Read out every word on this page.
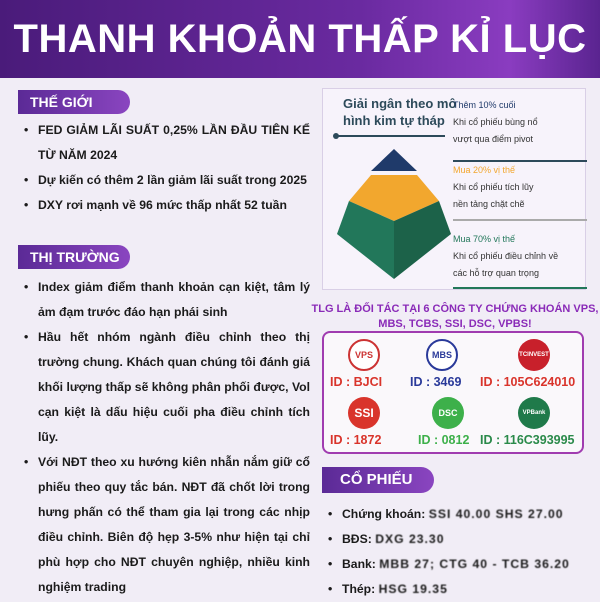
THANH KHOẢN THẤP KỈ LỤC
THẾ GIỚI
• FED GIẢM LÃI SUẤT 0,25% LẦN ĐẦU TIÊN KỂ TỪ NĂM 2024
• Dự kiến có thêm 2 lần giảm lãi suất trong 2025
• DXY rơi mạnh về 96 mức thấp nhất 52 tuần
THỊ TRƯỜNG
• Index giảm điểm thanh khoản cạn kiệt, tâm lý ảm đạm trước đáo hạn phái sinh
• Hầu hết nhóm ngành điều chỉnh theo thị trường chung. Khách quan chúng tôi đánh giá khối lượng thấp sẽ không phân phối được, Vol cạn kiệt là dấu hiệu cuối pha điều chỉnh tích lũy.
• Với NĐT theo xu hướng kiên nhẫn nắm giữ cổ phiếu theo quy tắc bán. NĐT đã chốt lời trong hưng phấn có thể tham gia lại trong các nhịp điều chỉnh. Biên độ hẹp 3-5% như hiện tại chỉ phù hợp cho NĐT chuyên nghiệp, nhiều kinh nghiệm trading
Giải ngân theo mô hình kim tự tháp
Thêm 10% cuối
Khi cổ phiếu bùng nổ vượt qua điểm pivot
Mua 20% vị thế
Khi cổ phiếu tích lũy nền tảng chặt chẽ
Mua 70% vị thế
Khi cổ phiếu điều chỉnh về các hỗ trợ quan trọng
TLG LÀ ĐỐI TÁC TẠI 6 CÔNG TY CHỨNG KHOÁN VPS, MBS, TCBS, SSI, DSC, VPBS!
VPS	MBS	TCINVEST
ID : BJCI ID : 3469 ID : 105C624010
SSI	DSC	VPBank
ID : 1872	ID : 0812 ID : 116C393995
CỔ PHIẾU
• Chứng khoán: SSI 40.00 SHS 27.00
• BĐS: DXG 23.30
• Bank: MBB 27; CTG 40 - TCB 36.20
• Thép: HSG 19.35
